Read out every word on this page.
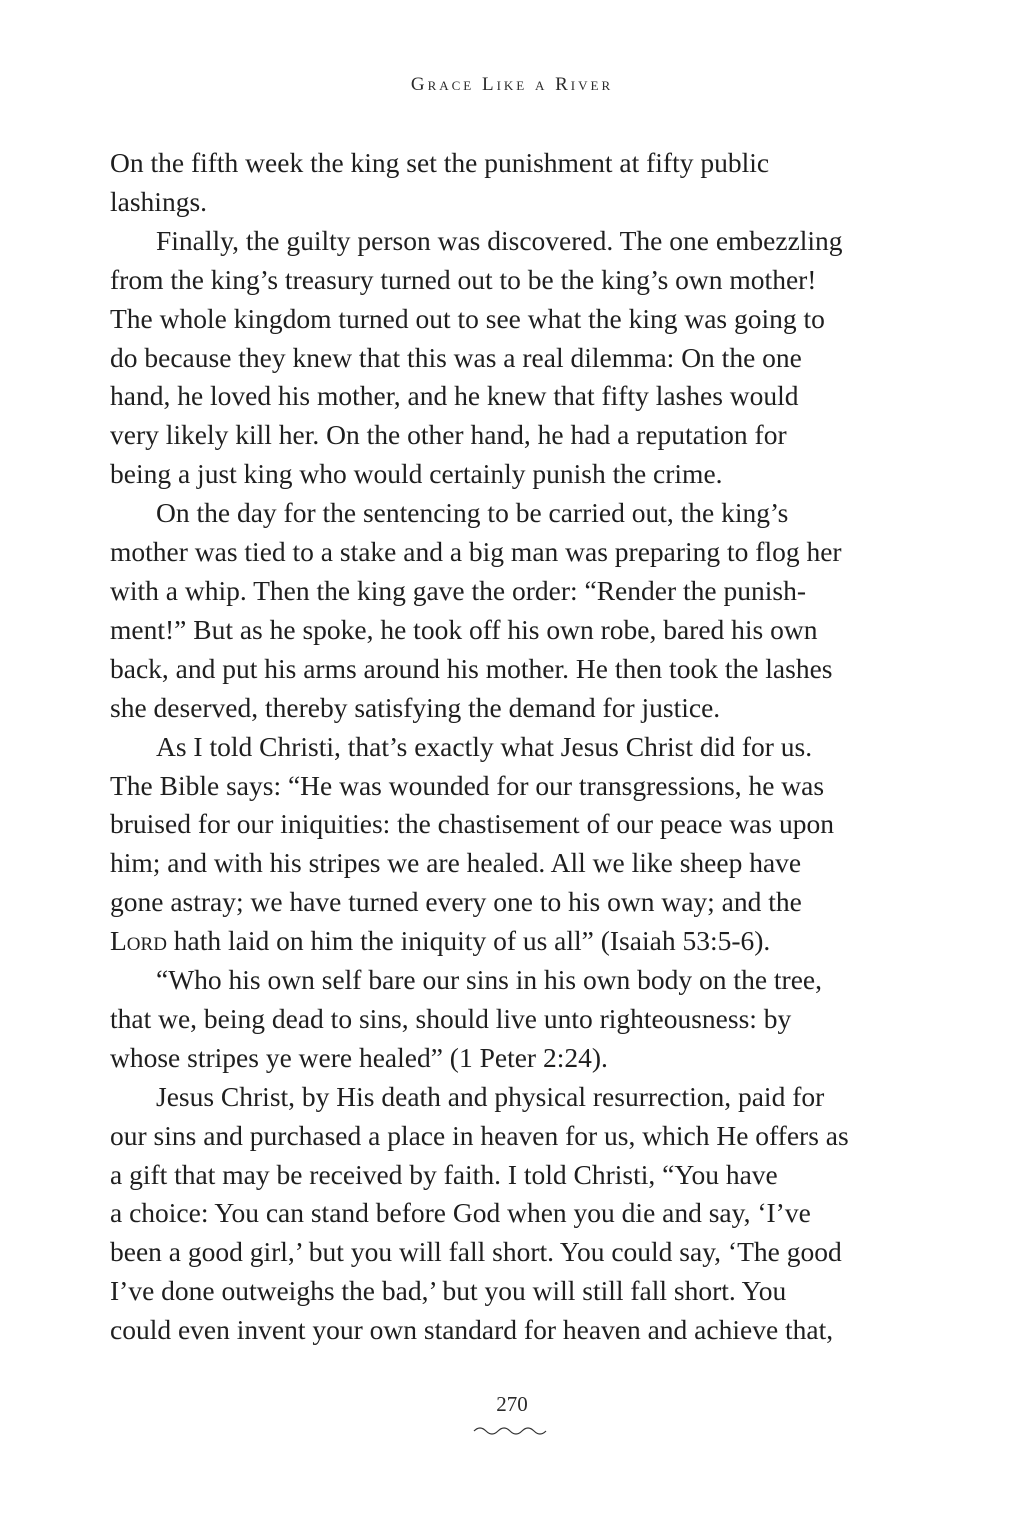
Grace Like a River
On the fifth week the king set the punishment at fifty public
lashings.
Finally, the guilty person was discovered. The one embezzling
from the king’s treasury turned out to be the king’s own mother!
The whole kingdom turned out to see what the king was going to
do because they knew that this was a real dilemma: On the one
hand, he loved his mother, and he knew that fifty lashes would
very likely kill her. On the other hand, he had a reputation for
being a just king who would certainly punish the crime.
On the day for the sentencing to be carried out, the king’s
mother was tied to a stake and a big man was preparing to flog her
with a whip. Then the king gave the order: “Render the punish-
ment!” But as he spoke, he took off his own robe, bared his own
back, and put his arms around his mother. He then took the lashes
she deserved, thereby satisfying the demand for justice.
As I told Christi, that’s exactly what Jesus Christ did for us.
The Bible says: “He was wounded for our transgressions, he was
bruised for our iniquities: the chastisement of our peace was upon
him; and with his stripes we are healed. All we like sheep have
gone astray; we have turned every one to his own way; and the
Lord hath laid on him the iniquity of us all” (Isaiah 53:5-6).
“Who his own self bare our sins in his own body on the tree,
that we, being dead to sins, should live unto righteousness: by
whose stripes ye were healed” (1 Peter 2:24).
Jesus Christ, by His death and physical resurrection, paid for
our sins and purchased a place in heaven for us, which He offers as
a gift that may be received by faith. I told Christi, “You have
a choice: You can stand before God when you die and say, ‘I’ve
been a good girl,’ but you will fall short. You could say, ‘The good
I’ve done outweighs the bad,’ but you will still fall short. You
could even invent your own standard for heaven and achieve that,
270
